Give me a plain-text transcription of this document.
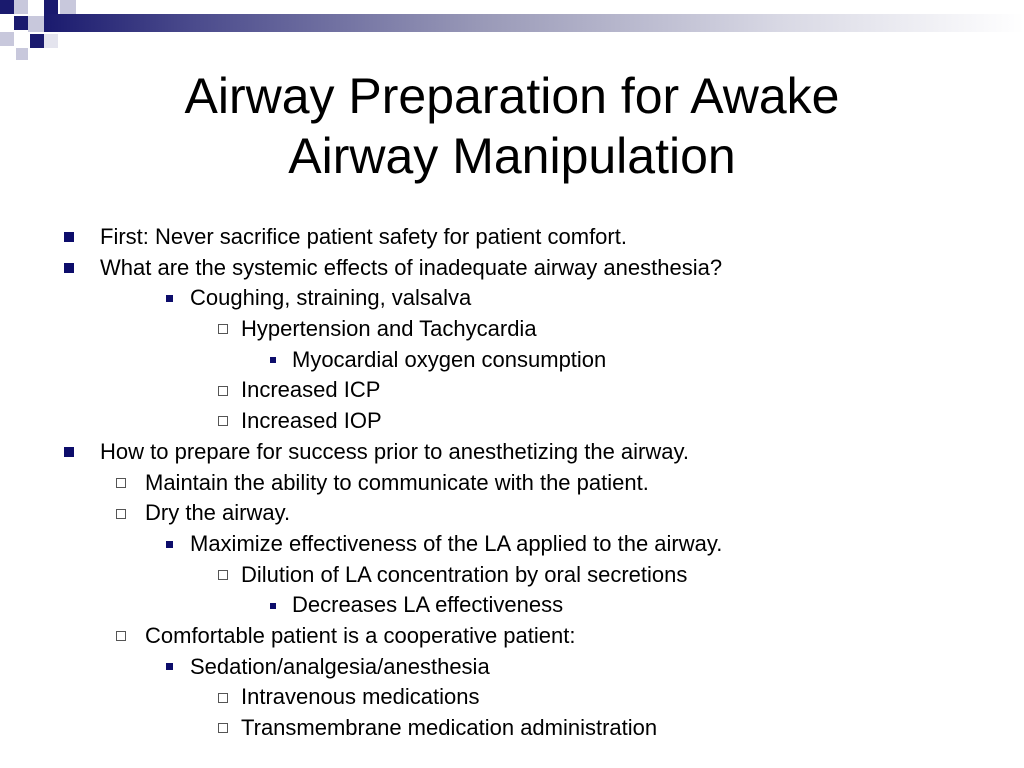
Airway Preparation for Awake
Airway Manipulation
First: Never sacrifice patient safety for patient comfort.
What are the systemic effects of inadequate airway anesthesia?
Coughing, straining, valsalva
Hypertension and Tachycardia
Myocardial oxygen consumption
Increased ICP
Increased IOP
How to prepare for success prior to anesthetizing the airway.
Maintain the ability to communicate with the patient.
Dry the airway.
Maximize effectiveness of the LA applied to the airway.
Dilution of LA concentration by oral secretions
Decreases LA effectiveness
Comfortable patient is a cooperative patient:
Sedation/analgesia/anesthesia
Intravenous medications
Transmembrane medication administration
